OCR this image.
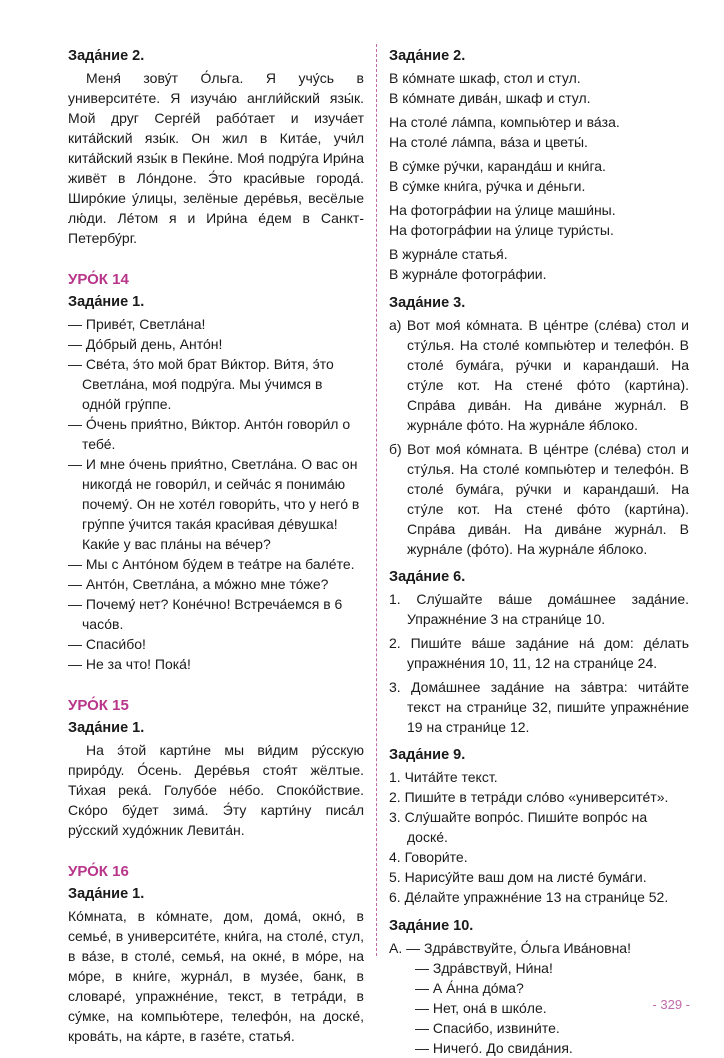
Зада́ние 2.

Меня́ зову́т О́льга. Я учу́сь в университе́те. Я изуча́ю англи́йский язы́к. Мой друг Серге́й рабо́тает и изуча́ет кита́йский язы́к. Он жил в Кита́е, учи́л кита́йский язы́к в Пеки́не. Моя́ подру́га Ири́на живёт в Ло́ндоне. Э́то краси́вые города́. Широ́кие у́лицы, зелёные дере́вья, весёлые лю́ди. Ле́том я и Ири́на е́дем в Санкт-Петербу́рг.

УРО́К 14
Зада́ние 1.

— Приве́т, Светла́на!

— До́брый день, Анто́н!

— Све́та, э́то мой брат Ви́ктор. Ви́тя, э́то Светла́на, моя́ подру́га. Мы у́чимся в одно́й гру́ппе.

— О́чень прия́тно, Ви́ктор. Анто́н говори́л о тебе́.

— И мне о́чень прия́тно, Светла́на. О вас он никогда́ не говори́л, и сейча́с я понима́ю почему́. Он не хоте́л говори́ть, что у него́ в гру́ппе у́чится така́я краси́вая де́вушка! Каки́е у вас пла́ны на ве́чер?

— Мы с Анто́ном бу́дем в теа́тре на бале́те.

— Анто́н, Светла́на, а мо́жно мне то́же?

— Почему́ нет? Коне́чно! Встреча́емся в 6 часо́в.

— Спаси́бо!

— Не за что! Пока́!

УРО́К 15
Зада́ние 1.

На э́той карти́не мы ви́дим ру́сскую приро́ду. О́сень. Дере́вья стоя́т жёлтые. Ти́хая река́. Голубо́е не́бо. Споко́йствие. Ско́ро бу́дет зима́. Э́ту карти́ну писа́л ру́сский худо́жник Левита́н.

УРО́К 16
Зада́ние 1.

Ко́мната, в ко́мнате, дом, дома́, окно́, в семье́, в университе́те, кни́га, на столе́, стул, в ва́зе, в столе́, семья́, на окне́, в мо́ре, на мо́ре, в кни́ге, журна́л, в музе́е, банк, в словаре́, упражне́ние, текст, в тетра́ди, в су́мке, на компью́тере, телефо́н, на доске́, крова́ть, на ка́рте, в газе́те, статья́.

Зада́ние 2.

В ко́мнате шкаф, стол и стул.

В ко́мнате дива́н, шкаф и стул.

На столе́ ла́мпа, компью́тер и ва́за.

На столе́ ла́мпа, ва́за и цветы́.

В су́мке ру́чки, каранда́ш и кни́га.

В су́мке кни́га, ру́чка и де́ньги.

На фотогра́фии на у́лице маши́ны.

На фотогра́фии на у́лице тури́сты.

В журна́ле статья́.

В журна́ле фотогра́фии.

Зада́ние 3.

а) Вот моя́ ко́мната. В це́нтре (сле́ва) стол и сту́лья. На столе́ компью́тер и телефо́н. В столе́ бума́га, ру́чки и карандаши́. На сту́ле кот. На стене́ фо́то (карти́на). Спра́ва дива́н. На дива́не журна́л. В журна́ле фо́то. На журна́ле я́блоко.

б) Вот моя́ ко́мната. В це́нтре (сле́ва) стол и сту́лья. На столе́ компью́тер и телефо́н. В столе́ бума́га, ру́чки и карандаши́. На сту́ле кот. На стене́ фо́то (карти́на). Спра́ва дива́н. На дива́не журна́л. В журна́ле (фо́то). На журна́ле я́блоко.

Зада́ние 6.

1. Слу́шайте ва́ше дома́шнее зада́ние. Упражне́ние 3 на страни́це 10.

2. Пиши́те ва́ше зада́ние на́ дом: де́лать упражне́ния 10, 11, 12 на страни́це 24.

3. Дома́шнее зада́ние на за́втра: чита́йте текст на страни́це 32, пиши́те упражне́ние 19 на страни́це 12.

Зада́ние 9.

1. Чита́йте текст.

2. Пиши́те в тетра́ди сло́во «университе́т».

3. Слу́шайте вопро́с. Пиши́те вопро́с на доске́.

4. Говори́те.

5. Нарису́йте ваш дом на листе́ бума́ги.

6. Де́лайте упражне́ние 13 на страни́це 52.

Зада́ние 10.

А. — Здра́вствуйте, О́льга Ива́новна!

— Здра́вствуй, Ни́на!

— А А́нна до́ма?

— Нет, она́ в шко́ле.

— Спаси́бо, извини́те.

— Ничего́. До свида́ния.

- 329 -
